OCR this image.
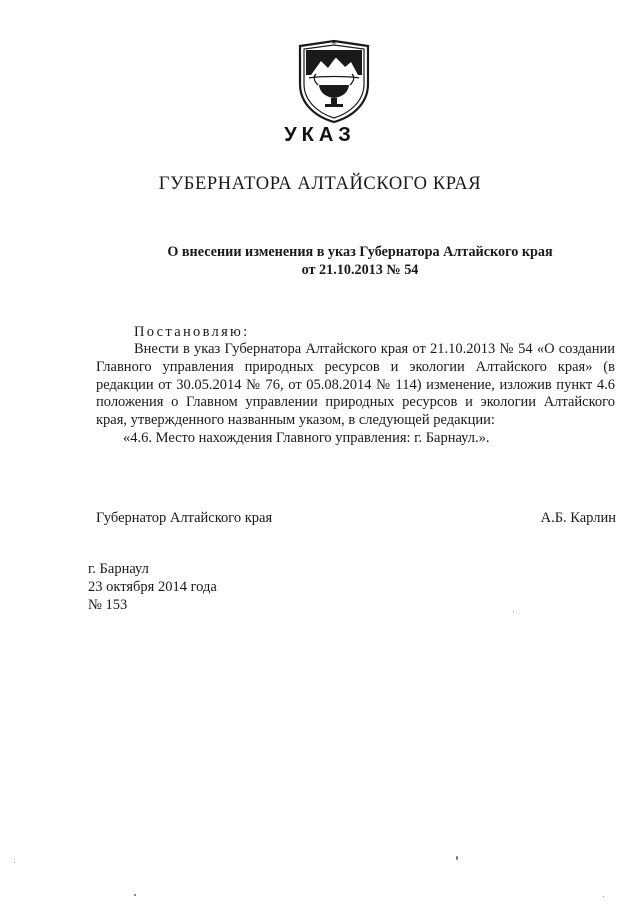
УКАЗ
ГУБЕРНАТОРА АЛТАЙСКОГО КРАЯ
О внесении изменения в указ Губернатора Алтайского края
от 21.10.2013 № 54
Постановляю:

Внести в указ Губернатора Алтайского края от 21.10.2013 № 54 «О создании Главного управления природных ресурсов и экологии Алтайского края» (в редакции от 30.05.2014 № 76, от 05.08.2014 № 114) изменение, изложив пункт 4.6 положения о Главном управлении природных ресурсов и экологии Алтайского края, утвержденного названным указом, в следующей редакции:

«4.6. Место нахождения Главного управления: г. Барнаул.».

Губернатор Алтайского края	А.Б. Карлин
г. Барнаул
23 октября 2014 года
№ 153
